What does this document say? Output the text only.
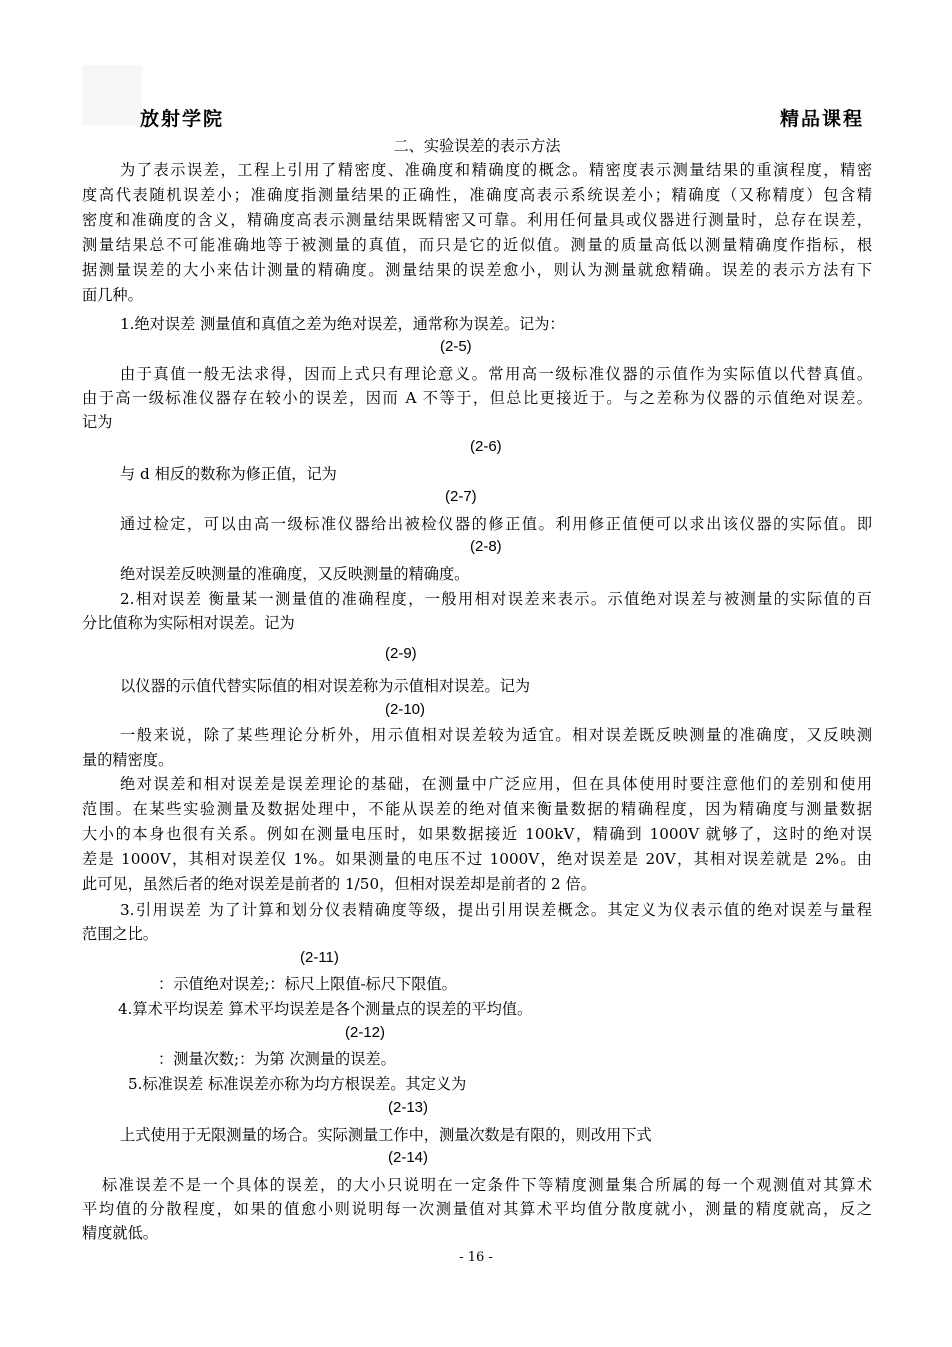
放射学院	精品课程
二、实验误差的表示方法
为了表示误差，工程上引用了精密度、准确度和精确度的概念。精密度表示测量结果的重演程度，精密
度高代表随机误差小；准确度指测量结果的正确性，准确度高表示系统误差小；精确度（又称精度）包含精
密度和准确度的含义，精确度高表示测量结果既精密又可靠。利用任何量具或仪器进行测量时，总存在误差，
测量结果总不可能准确地等于被测量的真值，而只是它的近似值。测量的质量高低以测量精确度作指标，根
据测量误差的大小来估计测量的精确度。测量结果的误差愈小，则认为测量就愈精确。误差的表示方法有下
面几种。
1.绝对误差 测量值和真值之差为绝对误差，通常称为误差。记为：
(2-5)
由于真值一般无法求得，因而上式只有理论意义。常用高一级标准仪器的示值作为实际值以代替真值。
由于高一级标准仪器存在较小的误差，因而 A 不等于，但总比更接近于。与之差称为仪器的示值绝对误差。
记为
(2-6)
与 d 相反的数称为修正值，记为
(2-7)
通过检定，可以由高一级标准仪器给出被检仪器的修正值。利用修正值便可以求出该仪器的实际值。即
(2-8)
绝对误差反映测量的准确度，又反映测量的精确度。
2.相对误差 衡量某一测量值的准确程度，一般用相对误差来表示。示值绝对误差与被测量的实际值的百
分比值称为实际相对误差。记为
(2-9)
以仪器的示值代替实际值的相对误差称为示值相对误差。记为
(2-10)
一般来说，除了某些理论分析外，用示值相对误差较为适宜。相对误差既反映测量的准确度，又反映测
量的精密度。
绝对误差和相对误差是误差理论的基础，在测量中广泛应用，但在具体使用时要注意他们的差别和使用
范围。在某些实验测量及数据处理中，不能从误差的绝对值来衡量数据的精确程度，因为精确度与测量数据
大小的本身也很有关系。例如在测量电压时，如果数据接近 100kV，精确到 1000V 就够了，这时的绝对误
差是 1000V，其相对误差仅 1%。如果测量的电压不过 1000V，绝对误差是 20V，其相对误差就是 2%。由
此可见，虽然后者的绝对误差是前者的 1/50，但相对误差却是前者的 2 倍。
3.引用误差 为了计算和划分仪表精确度等级，提出引用误差概念。其定义为仪表示值的绝对误差与量程
范围之比。
(2-11)
：示值绝对误差;：标尺上限值-标尺下限值。
4.算术平均误差 算术平均误差是各个测量点的误差的平均值。
(2-12)
：测量次数;：为第 次测量的误差。
5.标准误差 标准误差亦称为均方根误差。其定义为
(2-13)
上式使用于无限测量的场合。实际测量工作中，测量次数是有限的，则改用下式
(2-14)
标准误差不是一个具体的误差，的大小只说明在一定条件下等精度测量集合所属的每一个观测值对其算术
平均值的分散程度，如果的值愈小则说明每一次测量值对其算术平均值分散度就小，测量的精度就高，反之
精度就低。
- 16 -
